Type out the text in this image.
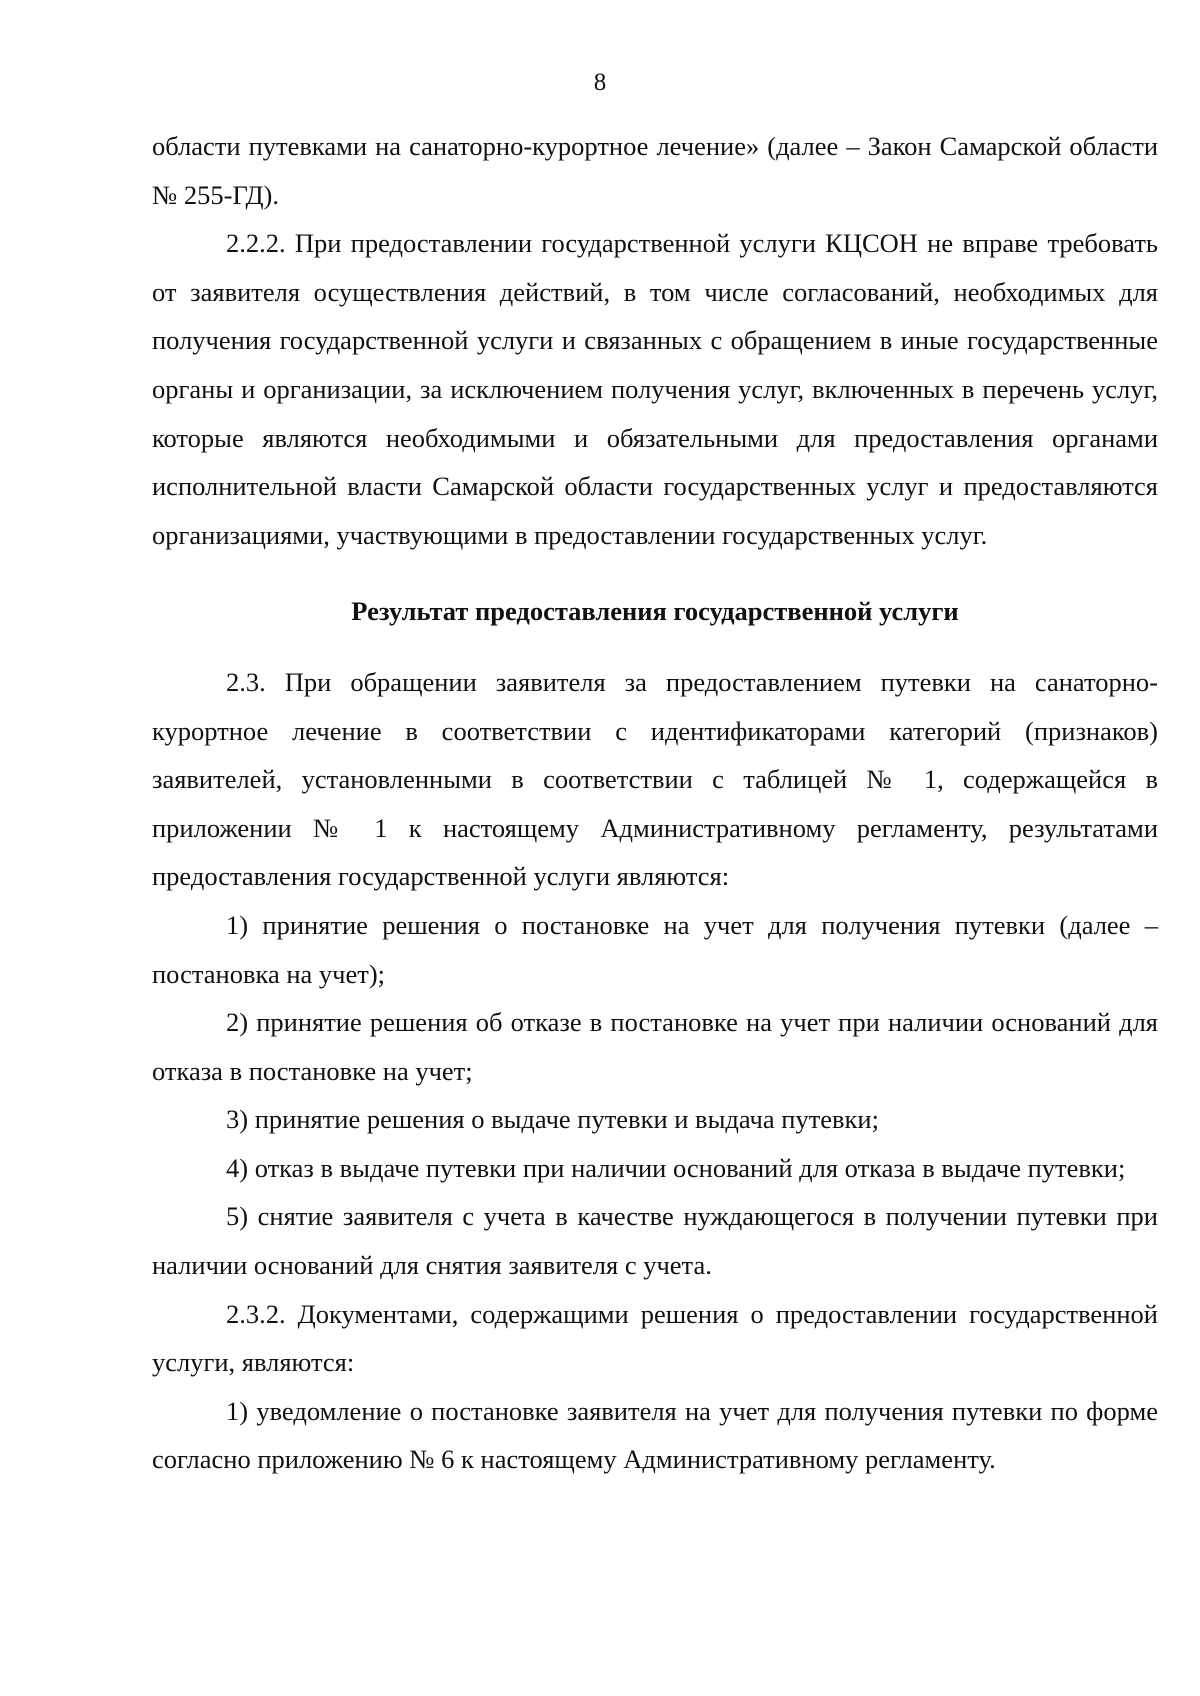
8

области путевками на санаторно-курортное лечение» (далее – Закон Самарской области № 255-ГД).

2.2.2. При предоставлении государственной услуги КЦСОН не вправе требовать от заявителя осуществления действий, в том числе согласований, необходимых для получения государственной услуги и связанных с обращением в иные государственные органы и организации, за исключением получения услуг, включенных в перечень услуг, которые являются необходимыми и обязательными для предоставления органами исполнительной власти Самарской области государственных услуг и предоставляются организациями, участвующими в предоставлении государственных услуг.

Результат предоставления государственной услуги

2.3. При обращении заявителя за предоставлением путевки на санаторно-курортное лечение в соответствии с идентификаторами категорий (признаков) заявителей, установленными в соответствии с таблицей № 1, содержащейся в приложении № 1 к настоящему Административному регламенту, результатами предоставления государственной услуги являются:

1) принятие решения о постановке на учет для получения путевки (далее – постановка на учет);

2) принятие решения об отказе в постановке на учет при наличии оснований для отказа в постановке на учет;

3) принятие решения о выдаче путевки и выдача путевки;

4) отказ в выдаче путевки при наличии оснований для отказа в выдаче путевки;

5) снятие заявителя с учета в качестве нуждающегося в получении путевки при наличии оснований для снятия заявителя с учета.

2.3.2. Документами, содержащими решения о предоставлении государственной услуги, являются:

1) уведомление о постановке заявителя на учет для получения путевки по форме согласно приложению № 6 к настоящему Административному регламенту.
